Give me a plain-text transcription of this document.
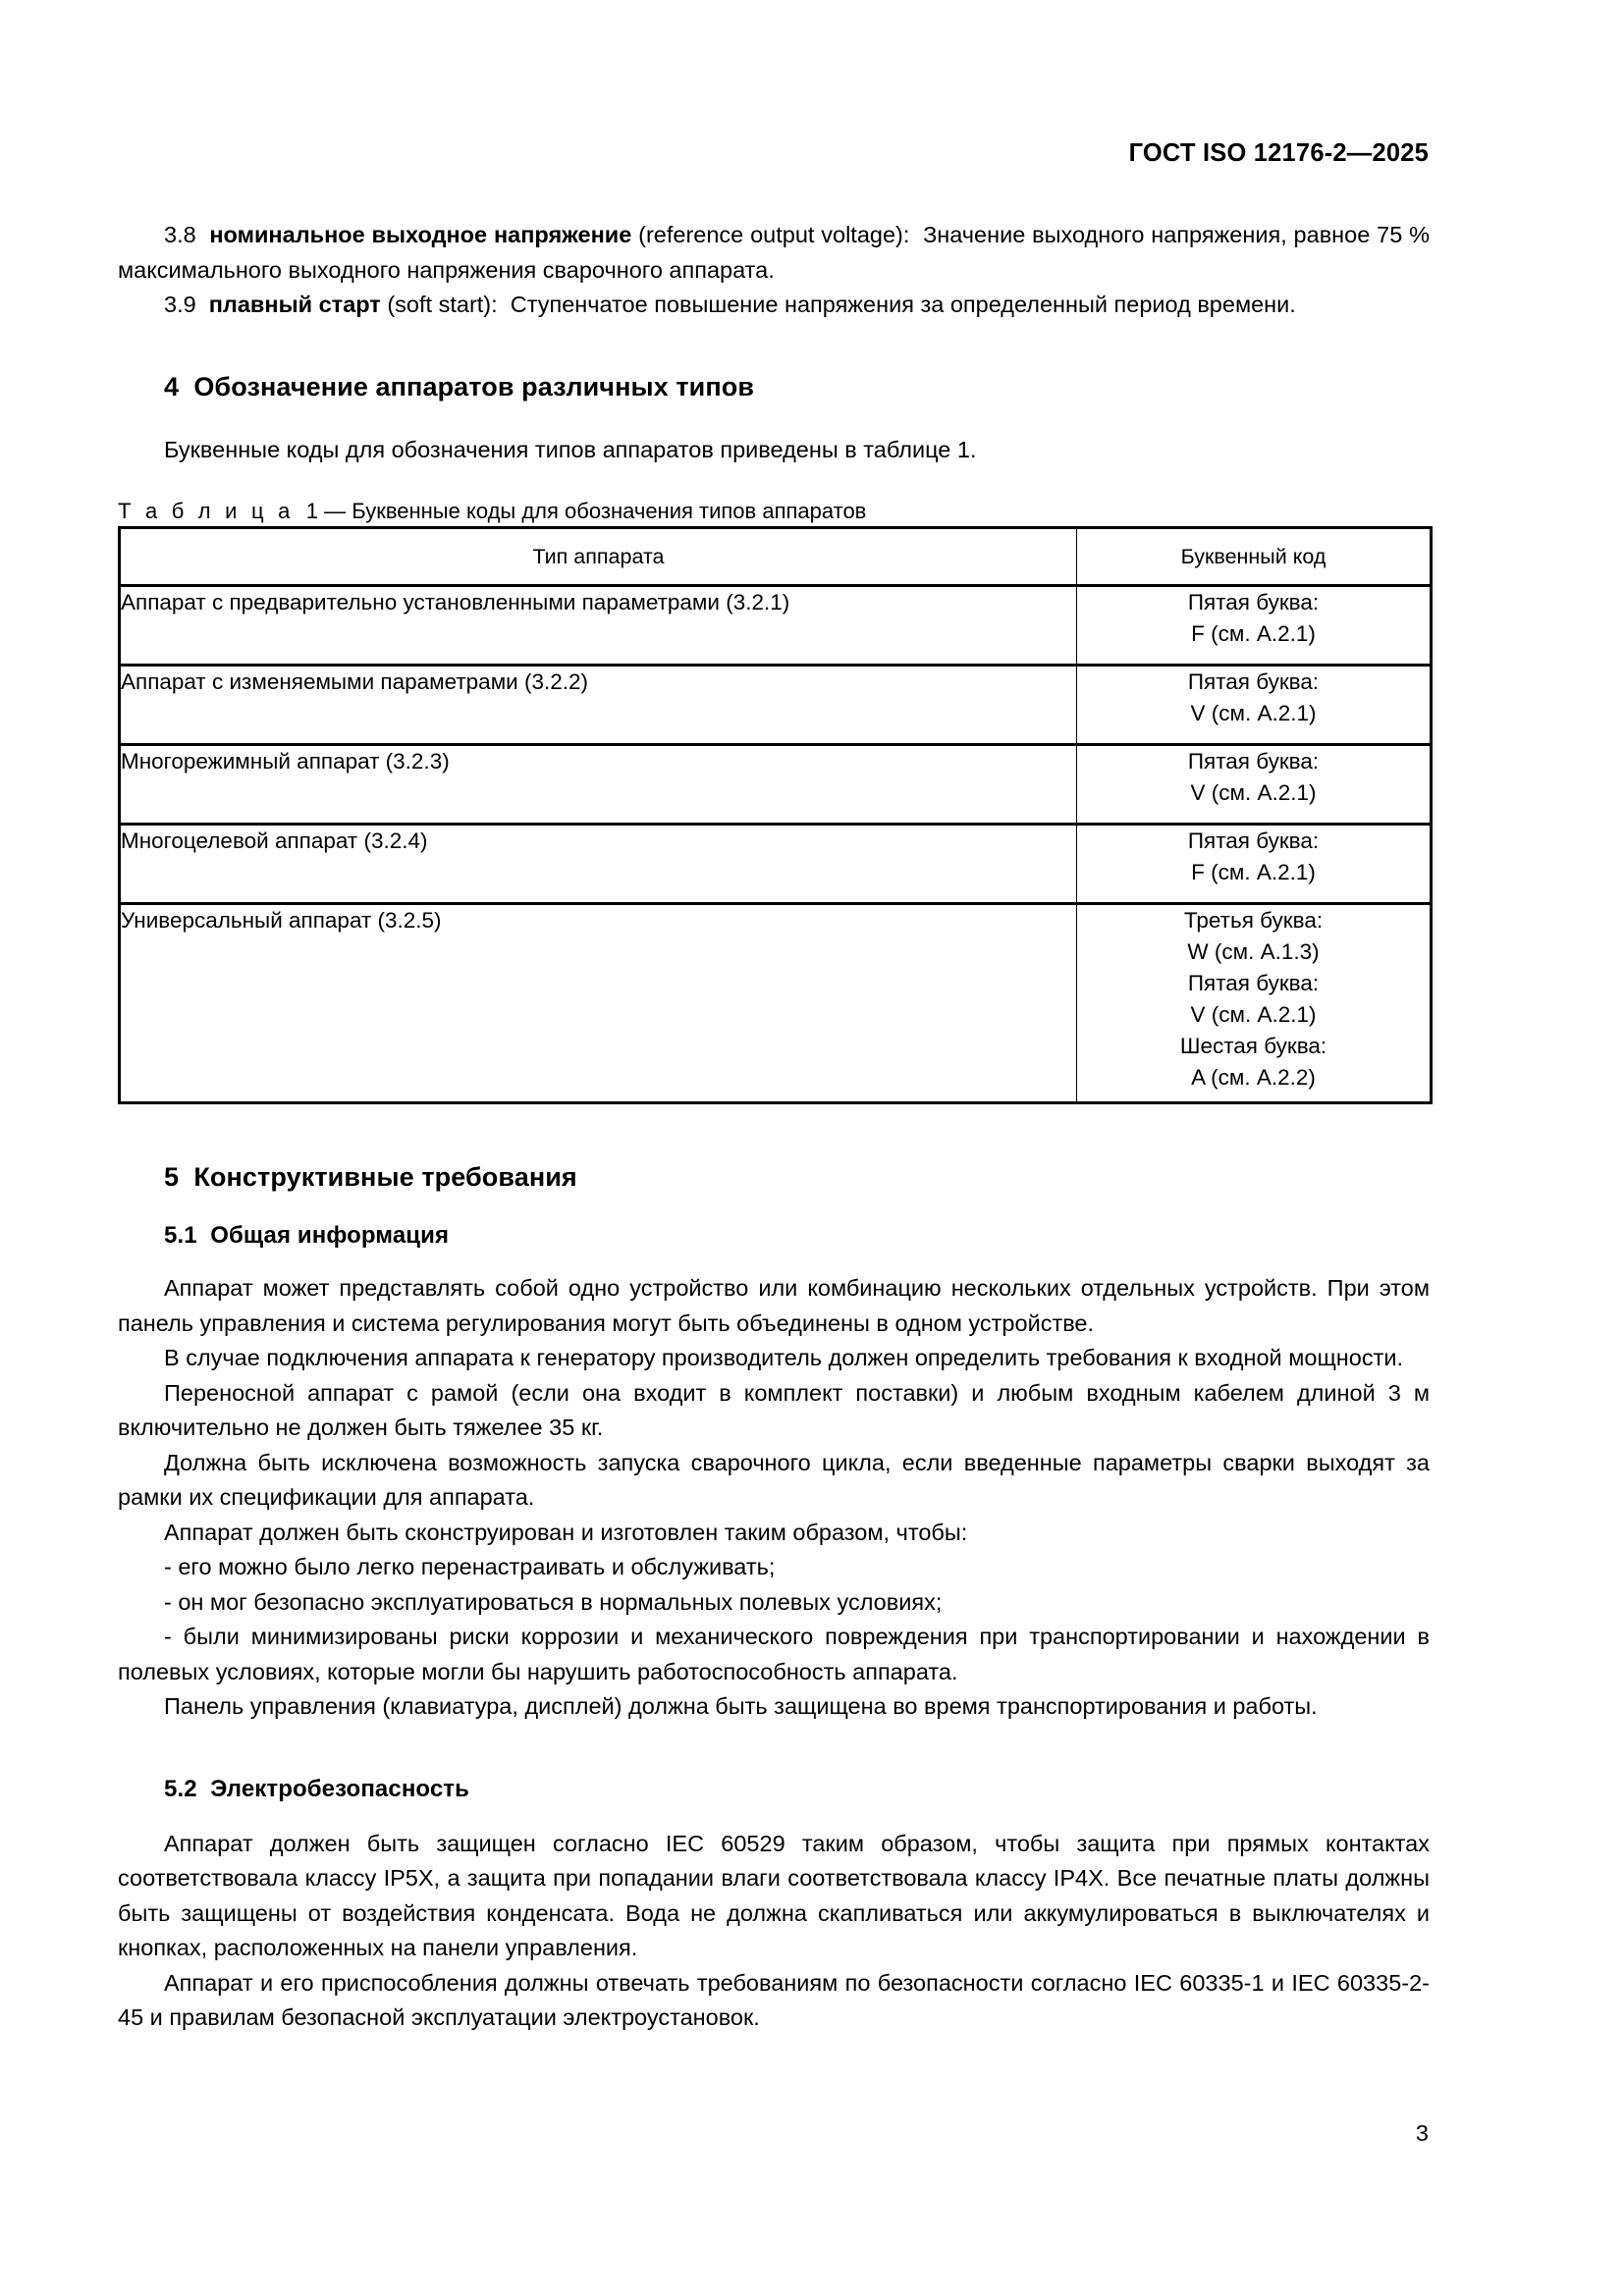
ГОСТ ISO 12176-2—2025

3.8 номинальное выходное напряжение (reference output voltage): Значение выходного напряжения, равное 75 % максимального выходного напряжения сварочного аппарата.

3.9 плавный старт (soft start): Ступенчатое повышение напряжения за определенный период времени.

4 Обозначение аппаратов различных типов

Буквенные коды для обозначения типов аппаратов приведены в таблице 1.

Т а б л и ц а 1 — Буквенные коды для обозначения типов аппаратов

Тип аппарата	Буквенный код
Аппарат с предварительно установленными параметрами (3.2.1)	Пятая буква:
F (см. А.2.1)

Аппарат с изменяемыми параметрами (3.2.2)	Пятая буква:
V (см. А.2.1)

Многорежимный аппарат (3.2.3)	Пятая буква:
V (см. А.2.1)

Многоцелевой аппарат (3.2.4)	Пятая буква:
F (см. А.2.1)

Универсальный аппарат (3.2.5)	Третья буква:
W (см. А.1.3)
Пятая буква:
V (см. А.2.1)
Шестая буква:
A (см. А.2.2)
5 Конструктивные требования
5.1 Общая информация

Аппарат может представлять собой одно устройство или комбинацию нескольких отдельных устройств. При этом панель управления и система регулирования могут быть объединены в одном устройстве.

В случае подключения аппарата к генератору производитель должен определить требования к входной мощности.

Переносной аппарат с рамой (если она входит в комплект поставки) и любым входным кабелем длиной 3 м включительно не должен быть тяжелее 35 кг.

Должна быть исключена возможность запуска сварочного цикла, если введенные параметры сварки выходят за рамки их спецификации для аппарата.

Аппарат должен быть сконструирован и изготовлен таким образом, чтобы:

- его можно было легко перенастраивать и обслуживать;

- он мог безопасно эксплуатироваться в нормальных полевых условиях;

- были минимизированы риски коррозии и механического повреждения при транспортировании и нахождении в полевых условиях, которые могли бы нарушить работоспособность аппарата.

Панель управления (клавиатура, дисплей) должна быть защищена во время транспортирования и работы.

5.2 Электробезопасность

Аппарат должен быть защищен согласно IEC 60529 таким образом, чтобы защита при прямых контактах соответствовала классу IP5X, а защита при попадании влаги соответствовала классу IP4X. Все печатные платы должны быть защищены от воздействия конденсата. Вода не должна скапливаться или аккумулироваться в выключателях и кнопках, расположенных на панели управления.

Аппарат и его приспособления должны отвечать требованиям по безопасности согласно IEC 60335-1 и IEC 60335-2-45 и правилам безопасной эксплуатации электроустановок.

3
